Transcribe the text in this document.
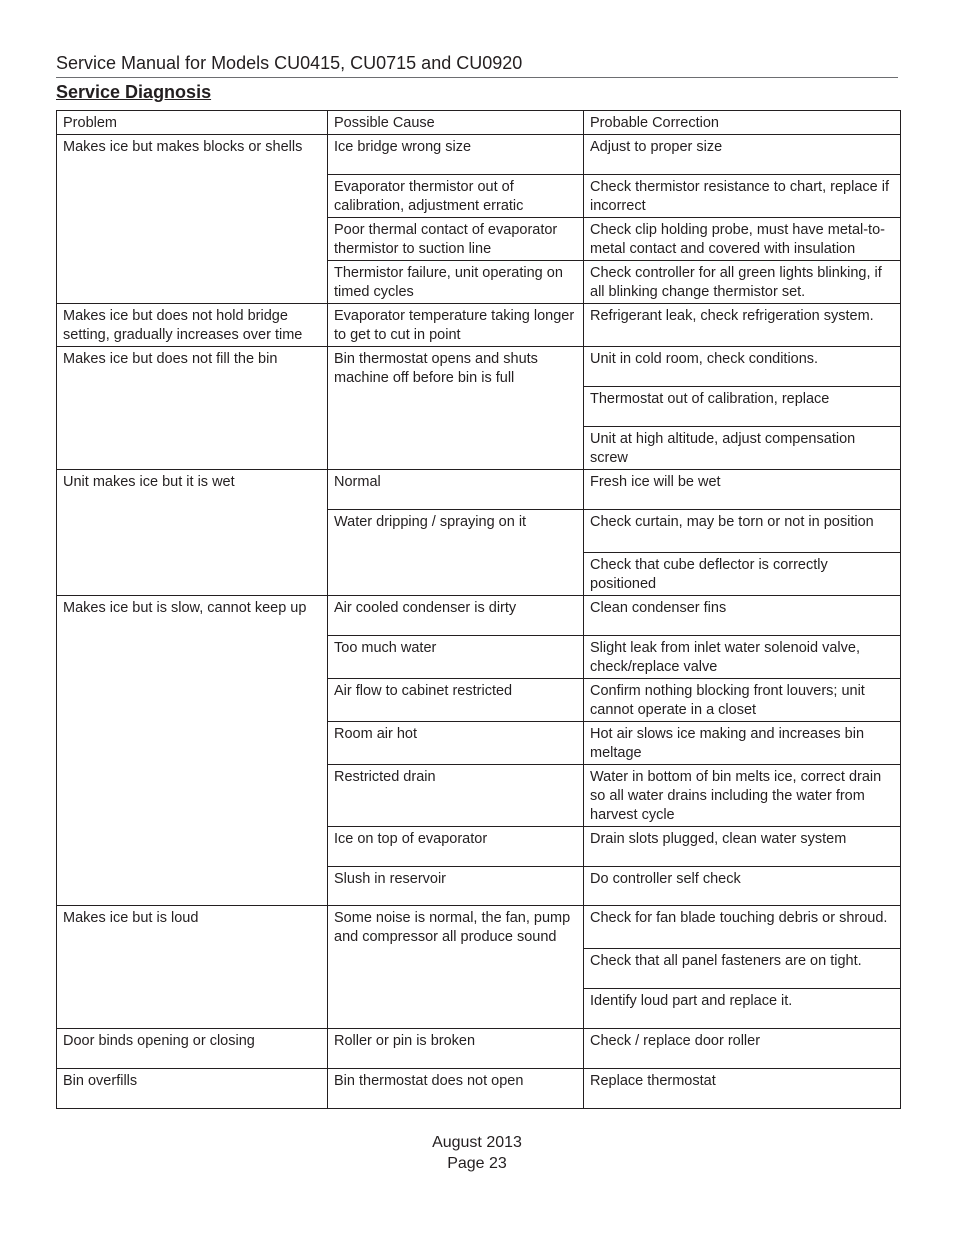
Service Manual for Models CU0415, CU0715 and CU0920
Service Diagnosis
Problem	Possible Cause	Probable Correction
Makes ice but makes blocks or shells	Ice bridge wrong size	Adjust to proper size
	Evaporator thermistor out of calibration, adjustment erratic	Check thermistor resistance to chart, replace if incorrect
	Poor thermal contact of evaporator thermistor to suction line	Check clip holding probe, must have metal-to-metal contact and covered with insulation
	Thermistor failure, unit operating on timed cycles	Check controller for all green lights blinking, if all blinking change thermistor set.
Makes ice but does not hold bridge setting, gradually increases over time	Evaporator temperature taking longer to get to cut in point	Refrigerant leak, check refrigeration system.
Makes ice but does not fill the bin	Bin thermostat opens and shuts machine off before bin is full	Unit in cold room, check conditions.
		Thermostat out of calibration, replace
		Unit at high altitude, adjust compensation screw
Unit makes ice but it is wet	Normal	Fresh ice will be wet
	Water dripping / spraying on it	Check curtain, may be torn or not in position
		Check that cube deflector is correctly positioned
Makes ice but is slow, cannot keep up	Air cooled condenser is dirty	Clean condenser fins
	Too much water	Slight leak from inlet water solenoid valve, check/replace valve
	Air flow to cabinet restricted	Confirm nothing blocking front louvers; unit cannot operate in a closet
	Room air hot	Hot air slows ice making and increases bin meltage
	Restricted drain	Water in bottom of bin melts ice, correct drain so all water drains including the water from harvest cycle
	Ice on top of evaporator	Drain slots plugged, clean water system
	Slush in reservoir	Do controller self check
Makes ice but is loud	Some noise is normal, the fan, pump and compressor all produce sound	Check for fan blade touching debris or shroud.
		Check that all panel fasteners are on tight.
		Identify loud part and replace it.
Door binds opening or closing	Roller or pin is broken	Check / replace door roller
Bin overfills	Bin thermostat does not open	Replace thermostat
August 2013
Page 23
